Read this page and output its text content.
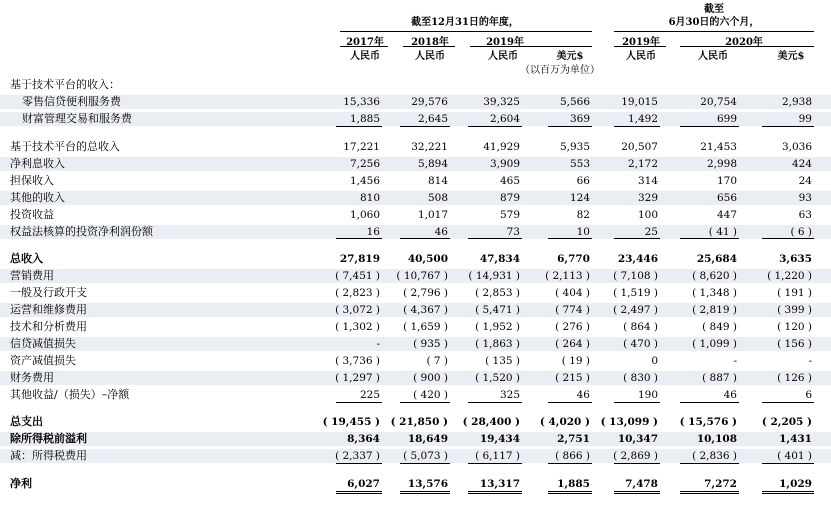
截至12月31日的年度，
截至
6月30日的六个月，
2017年	2018年	2019年	2019年	2020年
人民币	人民币	人民币	美元$	人民币	人民币	美元$
（以百万为单位）
基于技术平台的收入：
零售信贷便利服务费	15,336	29,576	39,325	5,566	19,015	20,754	2,938
财富管理交易和服务费	1,885	2,645	2,604	369	1,492	699	99
基于技术平台的总收入	17,221	32,221	41,929	5,935	20,507	21,453	3,036
净利息收入	7,256	5,894	3,909	553	2,172	2,998	424
担保收入	1,456	814	465	66	314	170	24
其他的收入	810	508	879	124	329	656	93
投资收益	1,060	1,017	579	82	100	447	63
权益法核算的投资净利润份额	16	46	73	10	25	( 41 )	( 6 )
总收入	27,819	40,500	47,834	6,770	23,446	25,684	3,635
营销费用	( 7,451 )	( 10,767 )	( 14,931 )	( 2,113 )	( 7,108 )	( 8,620 )	( 1,220 )
一般及行政开支	( 2,823 )	( 2,796 )	( 2,853 )	( 404 )	( 1,519 )	( 1,348 )	( 191 )
运营和维修费用	( 3,072 )	( 4,367 )	( 5,471 )	( 774 )	( 2,497 )	( 2,819 )	( 399 )
技术和分析费用	( 1,302 )	( 1,659 )	( 1,952 )	( 276 )	( 864 )	( 849 )	( 120 )
信贷减值损失	-	( 935 )	( 1,863 )	( 264 )	( 470 )	( 1,099 )	( 156 )
资产减值损失	( 3,736 )	( 7 )	( 135 )	( 19 )	0	-	-
财务费用	( 1,297 )	( 900 )	( 1,520 )	( 215 )	( 830 )	( 887 )	( 126 )
其他收益/（损失）–净额	225	( 420 )	325	46	190	46	6
总支出	( 19,455 )	( 21,850 )	( 28,400 )	( 4,020 )	( 13,099 )	( 15,576 )	( 2,205 )
除所得税前溢利	8,364	18,649	19,434	2,751	10,347	10,108	1,431
减：所得税费用	( 2,337 )	( 5,073 )	( 6,117 )	( 866 )	( 2,869 )	( 2,836 )	( 401 )
净利	6,027	13,576	13,317	1,885	7,478	7,272	1,029
